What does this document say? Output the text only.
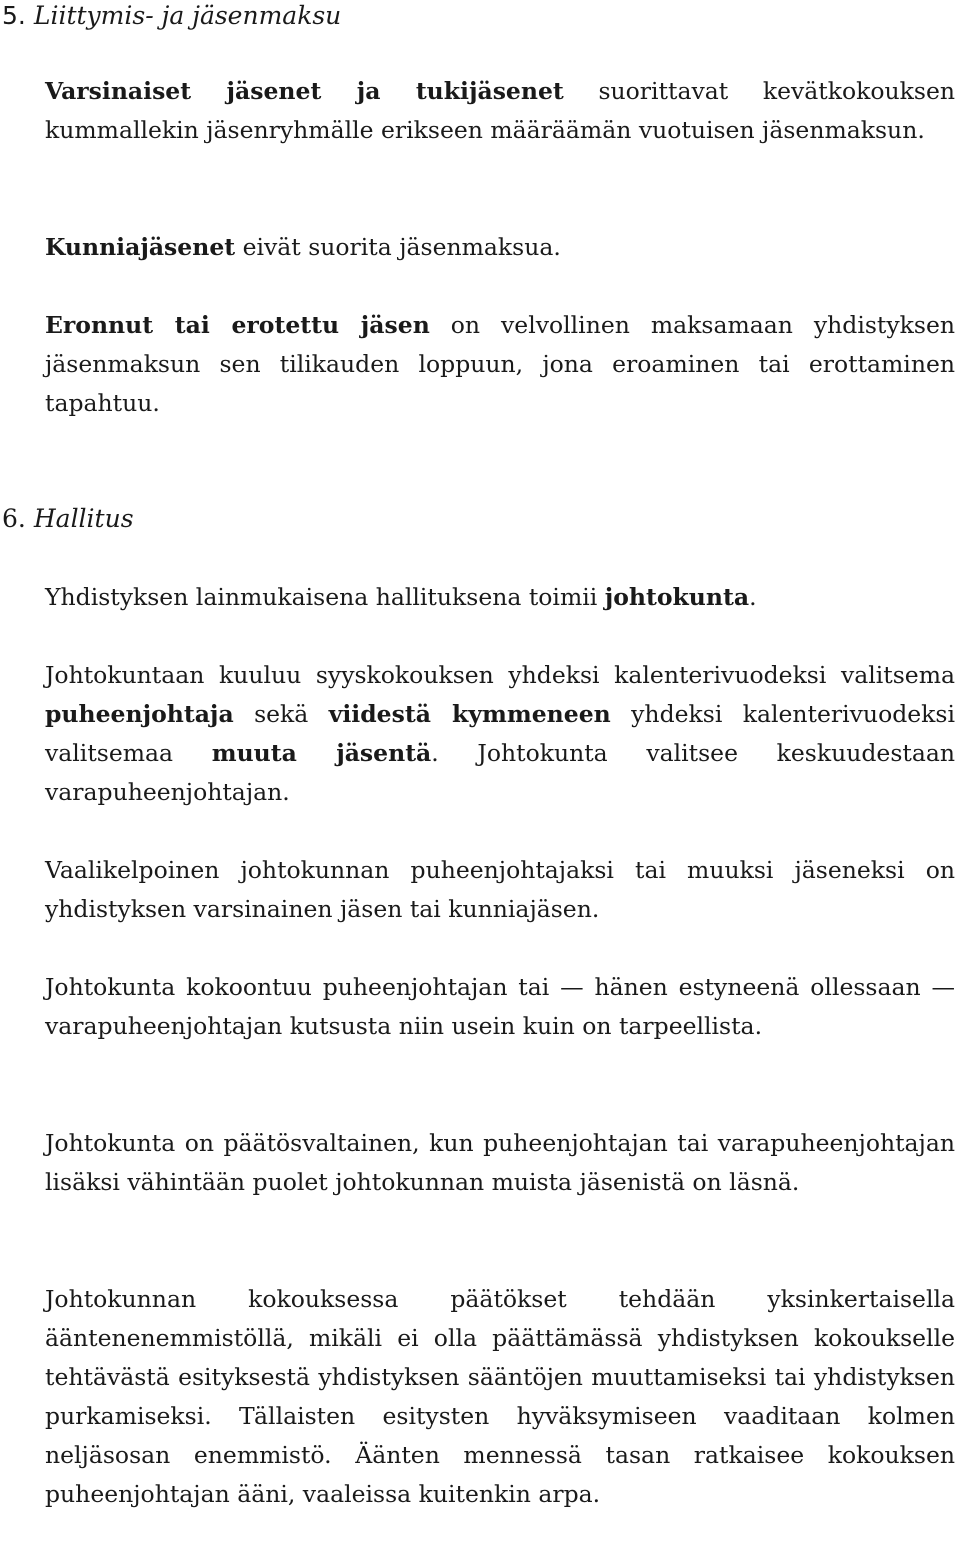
5. Liittymis- ja jäsenmaksu

Varsinaiset jäsenet ja tukijäsenet suorittavat kevätkokouksen kummallekin jäsenryhmälle erikseen määräämän vuotuisen jäsenmaksun.

Kunniajäsenet eivät suorita jäsenmaksua.

Eronnut tai erotettu jäsen on velvollinen maksamaan yhdistyksen jäsenmaksun sen tilikauden loppuun, jona eroaminen tai erottaminen tapahtuu.

6. Hallitus

Yhdistyksen lainmukaisena hallituksena toimii johtokunta.

Johtokuntaan kuuluu syyskokouksen yhdeksi kalenterivuodeksi valitsema puheenjohtaja sekä viidestä kymmeneen yhdeksi kalenterivuodeksi valitsemaa muuta jäsentä. Johtokunta valitsee keskuudestaan varapuheenjohtajan.

Vaalikelpoinen johtokunnan puheenjohtajaksi tai muuksi jäseneksi on yhdistyksen varsinainen jäsen tai kunniajäsen.

Johtokunta kokoontuu puheenjohtajan tai — hänen estyneenä ollessaan — varapuheenjohtajan kutsusta niin usein kuin on tarpeellista.

Johtokunta on päätösvaltainen, kun puheenjohtajan tai varapuheenjohtajan lisäksi vähintään puolet johtokunnan muista jäsenistä on läsnä.

Johtokunnan kokouksessa päätökset tehdään yksinkertaisella ääntenenemmistöllä, mikäli ei olla päättämässä yhdistyksen kokoukselle tehtävästä esityksestä yhdistyksen sääntöjen muuttamiseksi tai yhdistyksen purkamiseksi. Tällaisten esitysten hyväksymiseen vaaditaan kolmen neljäsosan enemmistö. Äänten mennessä tasan ratkaisee kokouksen puheenjohtajan ääni, vaaleissa kuitenkin arpa.
